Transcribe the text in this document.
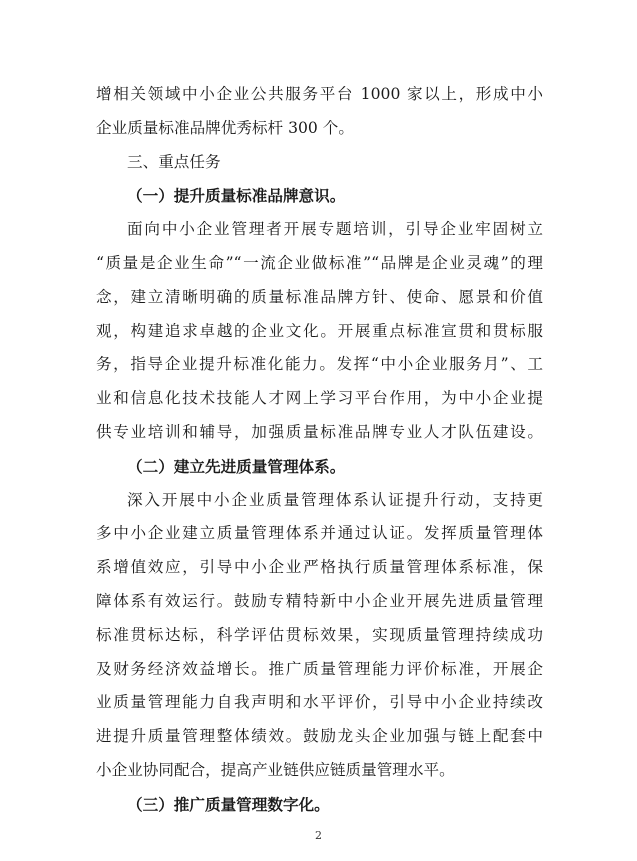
增相关领域中小企业公共服务平台 1000 家以上，形成中小
企业质量标准品牌优秀标杆 300 个。
三、重点任务
（一）提升质量标准品牌意识。
面向中小企业管理者开展专题培训，引导企业牢固树立
“质量是企业生命”“一流企业做标准”“品牌是企业灵魂”的理
念，建立清晰明确的质量标准品牌方针、使命、愿景和价值
观，构建追求卓越的企业文化。开展重点标准宣贯和贯标服
务，指导企业提升标准化能力。发挥“中小企业服务月”、工
业和信息化技术技能人才网上学习平台作用，为中小企业提
供专业培训和辅导，加强质量标准品牌专业人才队伍建设。
（二）建立先进质量管理体系。
深入开展中小企业质量管理体系认证提升行动，支持更
多中小企业建立质量管理体系并通过认证。发挥质量管理体
系增值效应，引导中小企业严格执行质量管理体系标准，保
障体系有效运行。鼓励专精特新中小企业开展先进质量管理
标准贯标达标，科学评估贯标效果，实现质量管理持续成功
及财务经济效益增长。推广质量管理能力评价标准，开展企
业质量管理能力自我声明和水平评价，引导中小企业持续改
进提升质量管理整体绩效。鼓励龙头企业加强与链上配套中
小企业协同配合，提高产业链供应链质量管理水平。
（三）推广质量管理数字化。
2
